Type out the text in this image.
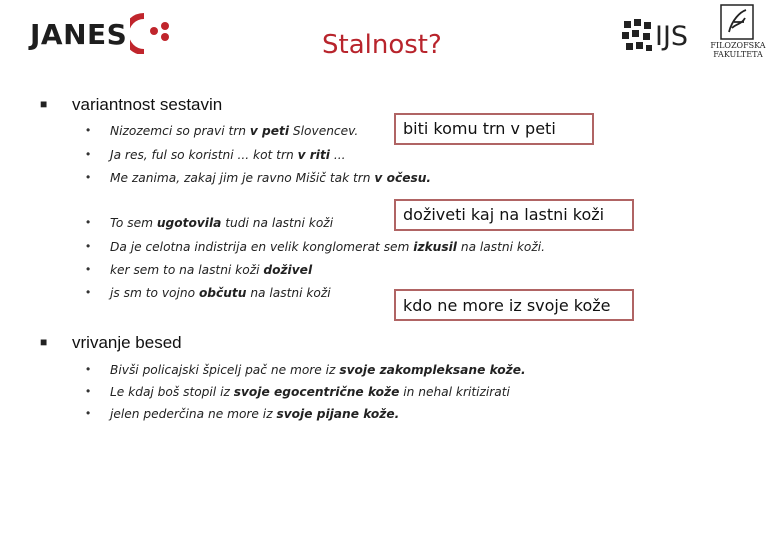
JANES	Stalnost?	IJS	FILOZOFSKA
FAKULTETA
■ variantnost sestavin
• Nizozemci so pravi trn v peti Slovencev.
• Ja res, ful so koristni ... kot trn v riti ...
• Me zanima, zakaj jim je ravno Mišič tak trn v očesu.
• To sem ugotovila tudi na lastni koži
• Da je celotna indistrija en velik konglomerat sem izkusil na lastni koži.
• ker sem to na lastni koži doživel
• js sm to vojno občutu na lastni koži
■ vrivanje besed
• Bivši policajski špicelj pač ne more iz svoje zakompleksane kože.
• Le kdaj boš stopil iz svoje egocentrične kože in nehal kritizirati
• jelen pederčina ne more iz svoje pijane kože.
biti komu trn v peti
doživeti kaj na lastni koži
kdo ne more iz svoje kože
